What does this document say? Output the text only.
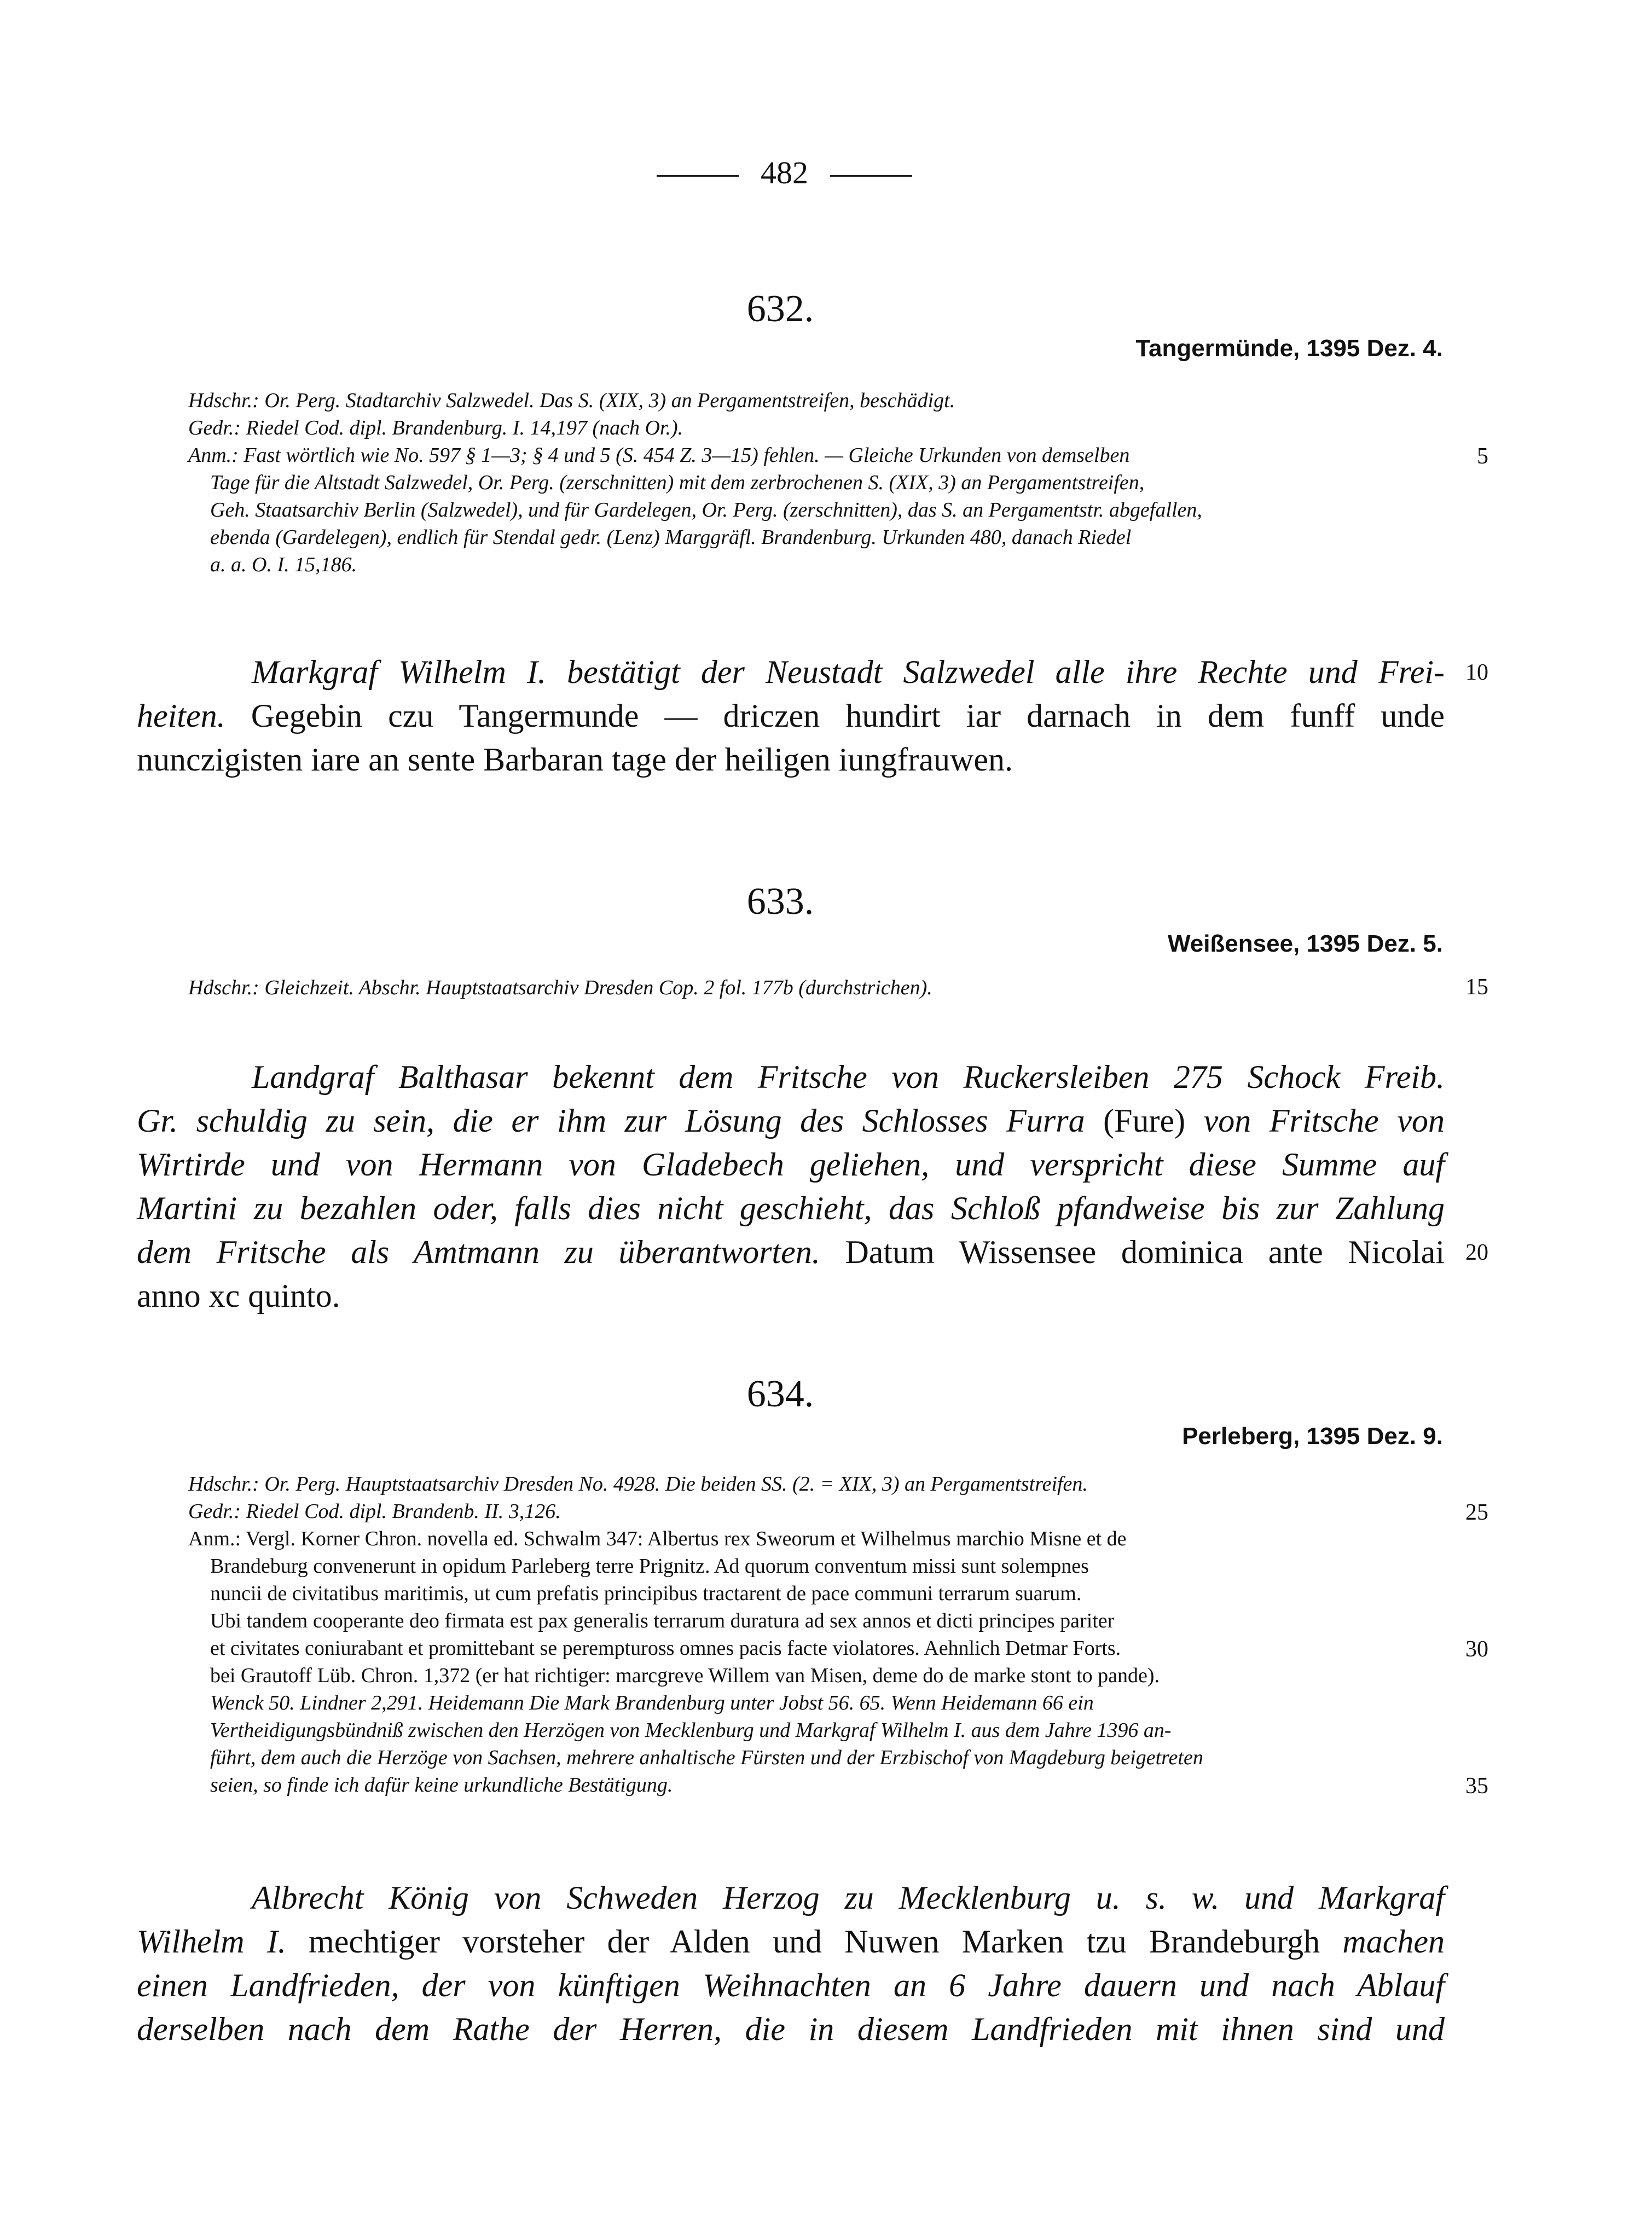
482
632.
Tangermünde, 1395 Dez. 4.
Hdschr.: Or. Perg. Stadtarchiv Salzwedel. Das S. (XIX, 3) an Pergamentstreifen, beschädigt.
Gedr.: Riedel Cod. dipl. Brandenburg. I. 14,197 (nach Or.).
Anm.: Fast wörtlich wie No. 597 § 1—3; § 4 und 5 (S. 454 Z. 3—15) fehlen. — Gleiche Urkunden von demselben
Tage für die Altstadt Salzwedel, Or. Perg. (zerschnitten) mit dem zerbrochenen S. (XIX, 3) an Pergamentstreifen,
Geh. Staatsarchiv Berlin (Salzwedel), und für Gardelegen, Or. Perg. (zerschnitten), das S. an Pergamentstr. abgefallen,
ebenda (Gardelegen), endlich für Stendal gedr. (Lenz) Marggräfl. Brandenburg. Urkunden 480, danach Riedel
a. a. O. I. 15,186.
Markgraf Wilhelm I. bestätigt der Neustadt Salzwedel alle ihre Rechte und Frei-
heiten. Gegebin czu Tangermunde — driczen hundirt iar darnach in dem funff unde
nunczigisten iare an sente Barbaran tage der heiligen iungfrauwen.
633.
Weißensee, 1395 Dez. 5.
Hdschr.: Gleichzeit. Abschr. Hauptstaatsarchiv Dresden Cop. 2 fol. 177b (durchstrichen).
Landgraf Balthasar bekennt dem Fritsche von Ruckersleiben 275 Schock Freib.
Gr. schuldig zu sein, die er ihm zur Lösung des Schlosses Furra (Fure) von Fritsche von
Wirtirde und von Hermann von Gladebech geliehen, und verspricht diese Summe auf
Martini zu bezahlen oder, falls dies nicht geschieht, das Schloß pfandweise bis zur Zahlung
dem Fritsche als Amtmann zu überantworten. Datum Wissensee dominica ante Nicolai
anno xc quinto.
634.
Perleberg, 1395 Dez. 9.
Hdschr.: Or. Perg. Hauptstaatsarchiv Dresden No. 4928. Die beiden SS. (2. = XIX, 3) an Pergamentstreifen.
Gedr.: Riedel Cod. dipl. Brandenb. II. 3,126.
Anm.: Vergl. Korner Chron. novella ed. Schwalm 347: Albertus rex Sweorum et Wilhelmus marchio Misne et de
Brandeburg convenerunt in opidum Parleberg terre Prignitz. Ad quorum conventum missi sunt solempnes
nuncii de civitatibus maritimis, ut cum prefatis principibus tractarent de pace communi terrarum suarum.
Ubi tandem cooperante deo firmata est pax generalis terrarum duratura ad sex annos et dicti principes pariter
et civitates coniurabant et promittebant se peremptuross omnes pacis facte violatores. Aehnlich Detmar Forts.
bei Grautoff Lüb. Chron. 1,372 (er hat richtiger: marcgreve Willem van Misen, deme do de marke stont to pande).
Wenck 50. Lindner 2,291. Heidemann Die Mark Brandenburg unter Jobst 56. 65. Wenn Heidemann 66 ein
Vertheidigungsbündniß zwischen den Herzögen von Mecklenburg und Markgraf Wilhelm I. aus dem Jahre 1396 an-
führt, dem auch die Herzöge von Sachsen, mehrere anhaltische Fürsten und der Erzbischof von Magdeburg beigetreten
seien, so finde ich dafür keine urkundliche Bestätigung.
Albrecht König von Schweden Herzog zu Mecklenburg u. s. w. und Markgraf
Wilhelm I. mechtiger vorsteher der Alden und Nuwen Marken tzu Brandeburgh machen
einen Landfrieden, der von künftigen Weihnachten an 6 Jahre dauern und nach Ablauf
derselben nach dem Rathe der Herren, die in diesem Landfrieden mit ihnen sind und
5
10
15
20
25
30
35
